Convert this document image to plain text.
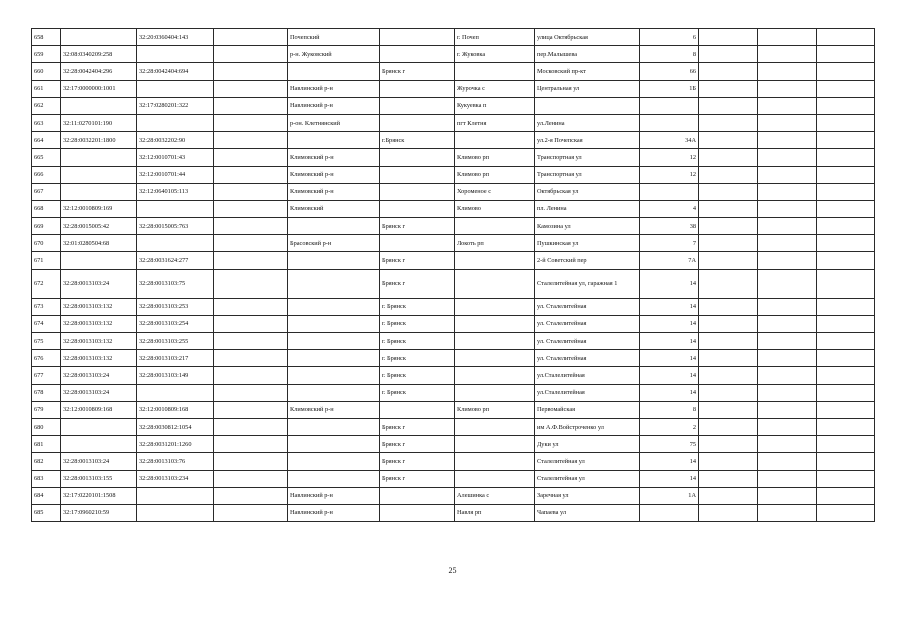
658		32:20:0360404:143		Почепский		г. Почеп	улица Октябрьская	6			
659	32:08:0340209:258			р-н. Жуковский		г. Жуковка	пер.Малышева	8			
660	32:28:0042404:296	32:28:0042404:694			Брянск г		Московский пр-кт	66			
661	32:17:0000000:1001			Навлинский р-н		Журочка с	Центральная ул	1Б			
662		32:17:0280201:322		Навлинский р-н		Кукуевка п					
663	32:11:0270101:190			р-он. Клетнянский		пгт Клетня	ул.Ленина				
664	32:28:0032201:1800	32:28:0032202:90			г.Брянск		ул.2-я Почепская	34А			
665		32:12:0010701:43		Климовский р-н		Климово рп	Транспортная ул	12			
666		32:12:0010701:44		Климовский р-н		Климово рп	Транспортная ул	12			
667		32:12:0640105:113		Климовский р-н		Хороменое с	Октябрьская ул				
668	32:12:0010809:169			Климовский		Климово	пл. Ленина	4			
669	32:28:0015005:42	32:28:0015005:763			Брянск г		Камозина ул	38			
670	32:01:0280504:68			Брасовский р-н		Локоть рп	Пушкинская ул	7			
671		32:28:0031624:277			Брянск г		2-й Советский пер	7А			
672	32:28:0013103:24	32:28:0013103:75			Брянск г		Сталелитейная ул, гаражная 1	14			
673	32:28:0013103:132	32:28:0013103:253			г. Брянск		ул. Сталелитейная	14			
674	32:28:0013103:132	32:28:0013103:254			г. Брянск		ул. Сталелитейная	14			
675	32:28:0013103:132	32:28:0013103:255			г. Брянск		ул. Сталелитейная	14			
676	32:28:0013103:132	32:28:0013103:217			г. Брянск		ул. Сталелитейная	14			
677	32:28:0013103:24	32:28:0013103:149			г. Брянск		ул.Сталелитейная	14			
678	32:28:0013103:24				г. Брянск		ул.Сталелитейная	14			
679	32:12:0010809:168	32:12:0010809:168		Климовский р-н		Климово рп	Первомайская	8			
680		32:28:0030812:1054			Брянск г		им А.Ф.Войстроченко ул	2			
681		32:28:0031201:1260			Брянск г		Дуки ул	75			
682	32:28:0013103:24	32:28:0013103:76			Брянск г		Сталелитейная ул	14			
683	32:28:0013103:155	32:28:0013103:234			Брянск г		Сталелитейная ул	14			
684	32:17:0220101:1508			Навлинский р-н		Алешинка с	Заречная ул	1А			
685	32:17:0960210:59			Навлинский р-н		Навля рп	Чапаева ул				
25
